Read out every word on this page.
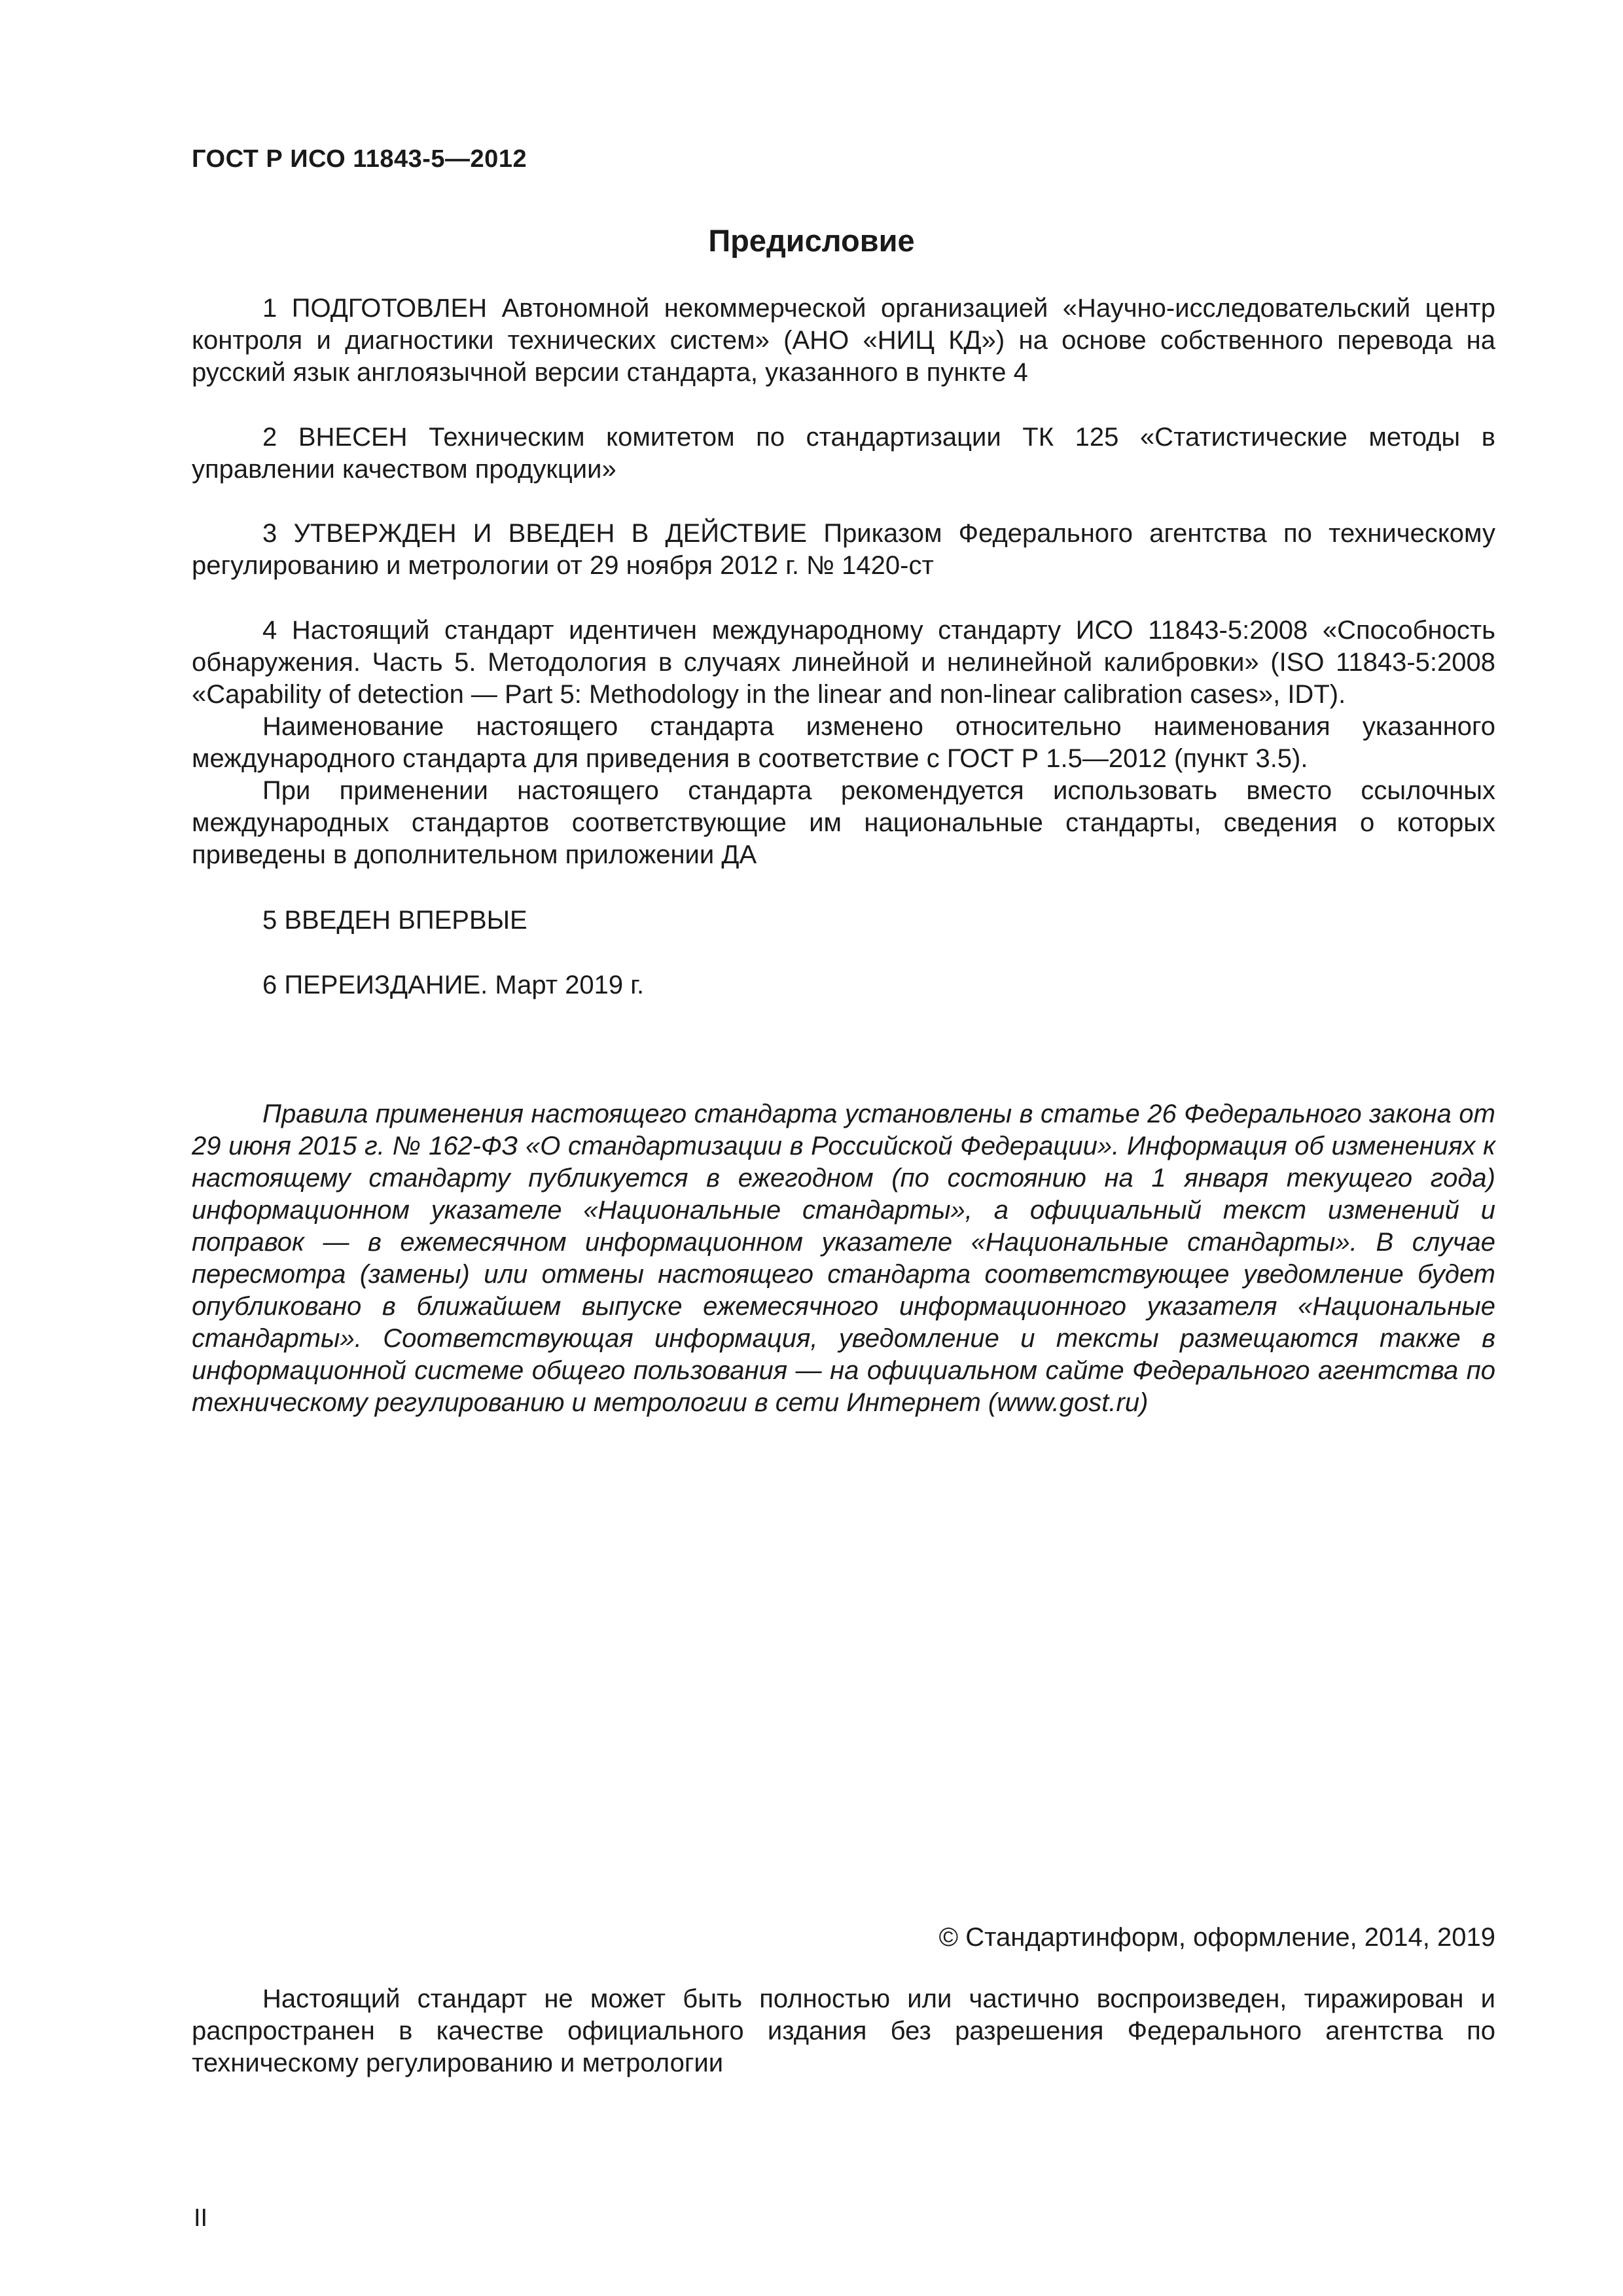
ГОСТ Р ИСО 11843-5—2012
Предисловие

1 ПОДГОТОВЛЕН Автономной некоммерческой организацией «Научно-исследовательский центр контроля и диагностики технических систем» (АНО «НИЦ КД») на основе собственного перевода на русский язык англоязычной версии стандарта, указанного в пункте 4

2 ВНЕСЕН Техническим комитетом по стандартизации ТК 125 «Статистические методы в управлении качеством продукции»

3 УТВЕРЖДЕН И ВВЕДЕН В ДЕЙСТВИЕ Приказом Федерального агентства по техническому регулированию и метрологии от 29 ноября 2012 г. № 1420-ст

4 Настоящий стандарт идентичен международному стандарту ИСО 11843-5:2008 «Способность обнаружения. Часть 5. Методология в случаях линейной и нелинейной калибровки» (ISO 11843-5:2008 «Capability of detection — Part 5: Methodology in the linear and non-linear calibration cases», IDT).

Наименование настоящего стандарта изменено относительно наименования указанного международного стандарта для приведения в соответствие с ГОСТ Р 1.5—2012 (пункт 3.5).

При применении настоящего стандарта рекомендуется использовать вместо ссылочных международных стандартов соответствующие им национальные стандарты, сведения о которых приведены в дополнительном приложении ДА

5 ВВЕДЕН ВПЕРВЫЕ

6 ПЕРЕИЗДАНИЕ. Март 2019 г.

Правила применения настоящего стандарта установлены в статье 26 Федерального закона от 29 июня 2015 г. № 162-ФЗ «О стандартизации в Российской Федерации». Информация об изменениях к настоящему стандарту публикуется в ежегодном (по состоянию на 1 января текущего года) информационном указателе «Национальные стандарты», а официальный текст изменений и поправок — в ежемесячном информационном указателе «Национальные стандарты». В случае пересмотра (замены) или отмены настоящего стандарта соответствующее уведомление будет опубликовано в ближайшем выпуске ежемесячного информационного указателя «Национальные стандарты». Соответствующая информация, уведомление и тексты размещаются также в информационной системе общего пользования — на официальном сайте Федерального агентства по техническому регулированию и метрологии в сети Интернет (www.gost.ru)

© Стандартинформ, оформление, 2014, 2019

Настоящий стандарт не может быть полностью или частично воспроизведен, тиражирован и распространен в качестве официального издания без разрешения Федерального агентства по техническому регулированию и метрологии

II
